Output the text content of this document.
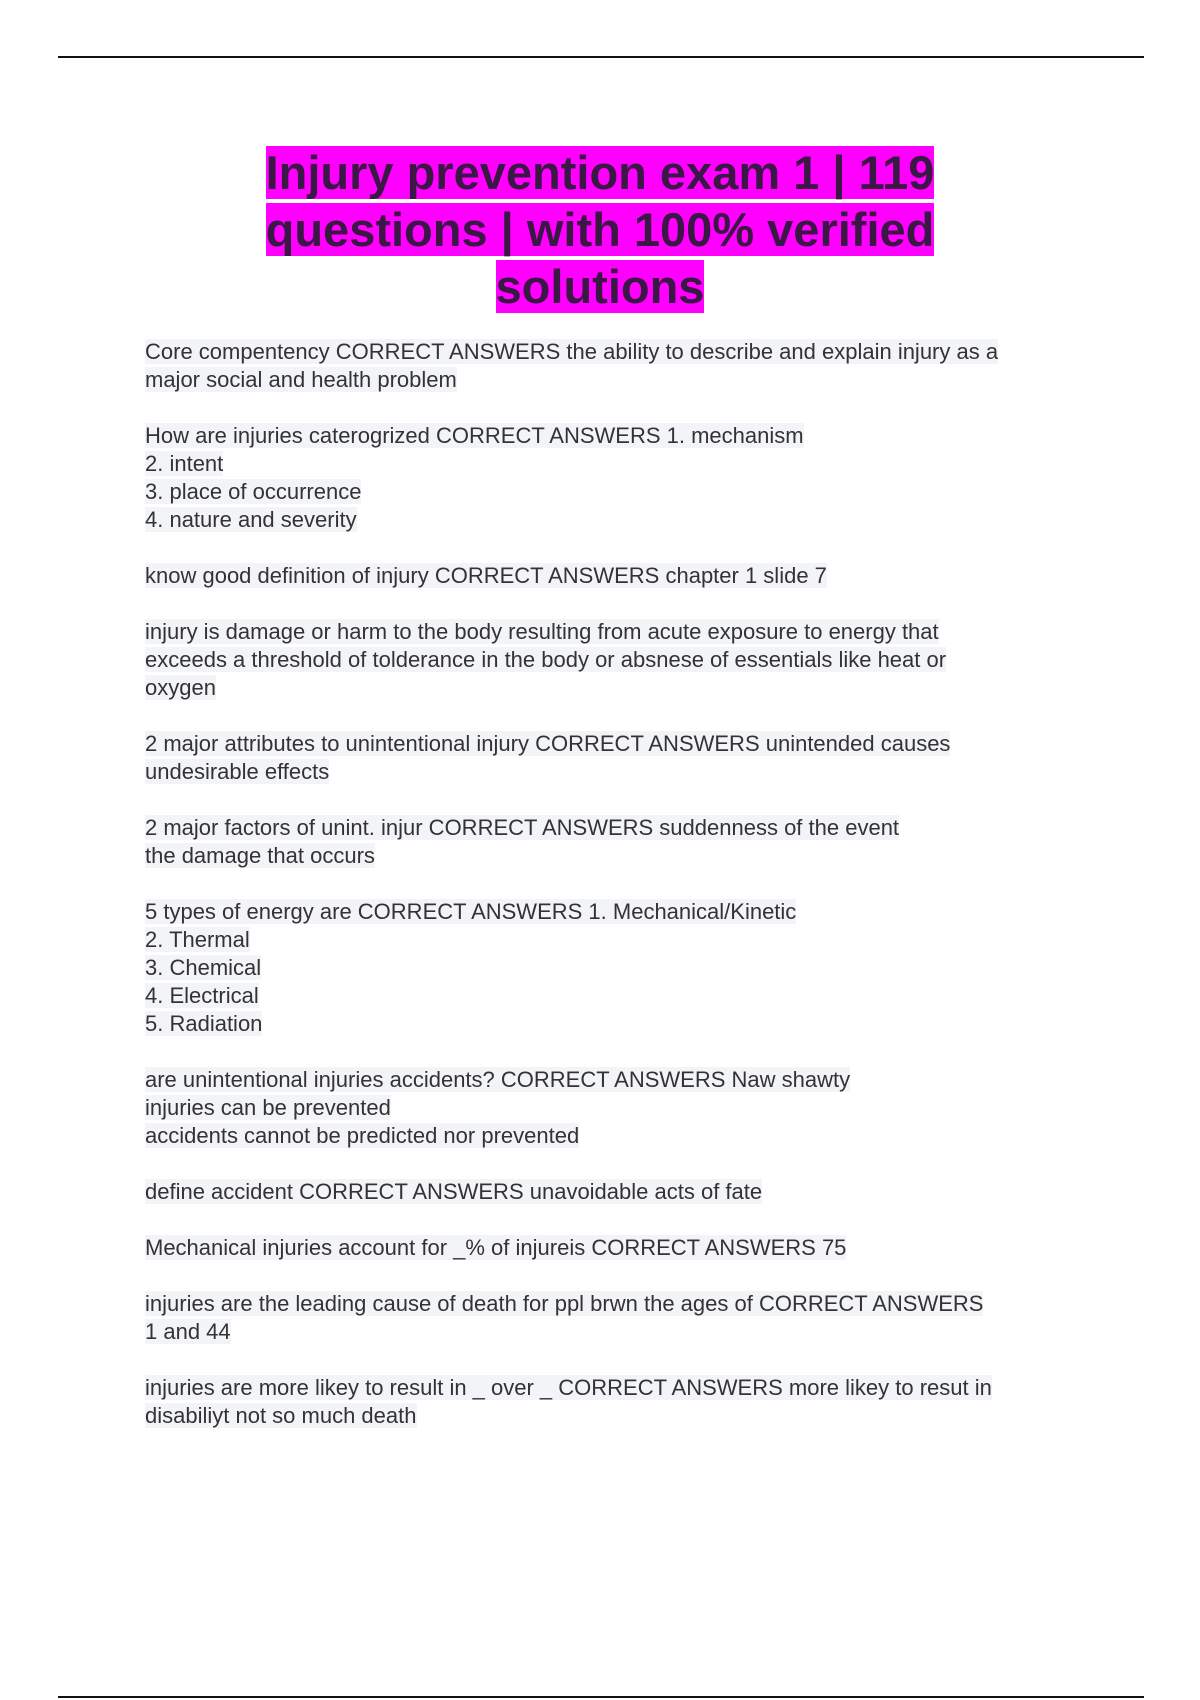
Injury prevention exam 1 | 119 questions | with 100% verified solutions
Core compentency CORRECT ANSWERS the ability to describe and explain injury as a
major social and health problem
How are injuries caterogrized CORRECT ANSWERS 1. mechanism
2. intent
3. place of occurrence
4. nature and severity
know good definition of injury CORRECT ANSWERS chapter 1 slide 7
injury is damage or harm to the body resulting from acute exposure to energy that
exceeds a threshold of tolderance in the body or absnese of essentials like heat or
oxygen
2 major attributes to unintentional injury CORRECT ANSWERS unintended causes
undesirable effects
2 major factors of unint. injur CORRECT ANSWERS suddenness of the event
the damage that occurs
5 types of energy are CORRECT ANSWERS 1. Mechanical/Kinetic
2. Thermal
3. Chemical
4. Electrical
5. Radiation
are unintentional injuries accidents? CORRECT ANSWERS Naw shawty
injuries can be prevented
accidents cannot be predicted nor prevented
define accident CORRECT ANSWERS unavoidable acts of fate
Mechanical injuries account for _% of injureis CORRECT ANSWERS 75
injuries are the leading cause of death for ppl brwn the ages of CORRECT ANSWERS
1 and 44
injuries are more likey to result in _ over _ CORRECT ANSWERS more likey to resut in
disabiliyt not so much death
